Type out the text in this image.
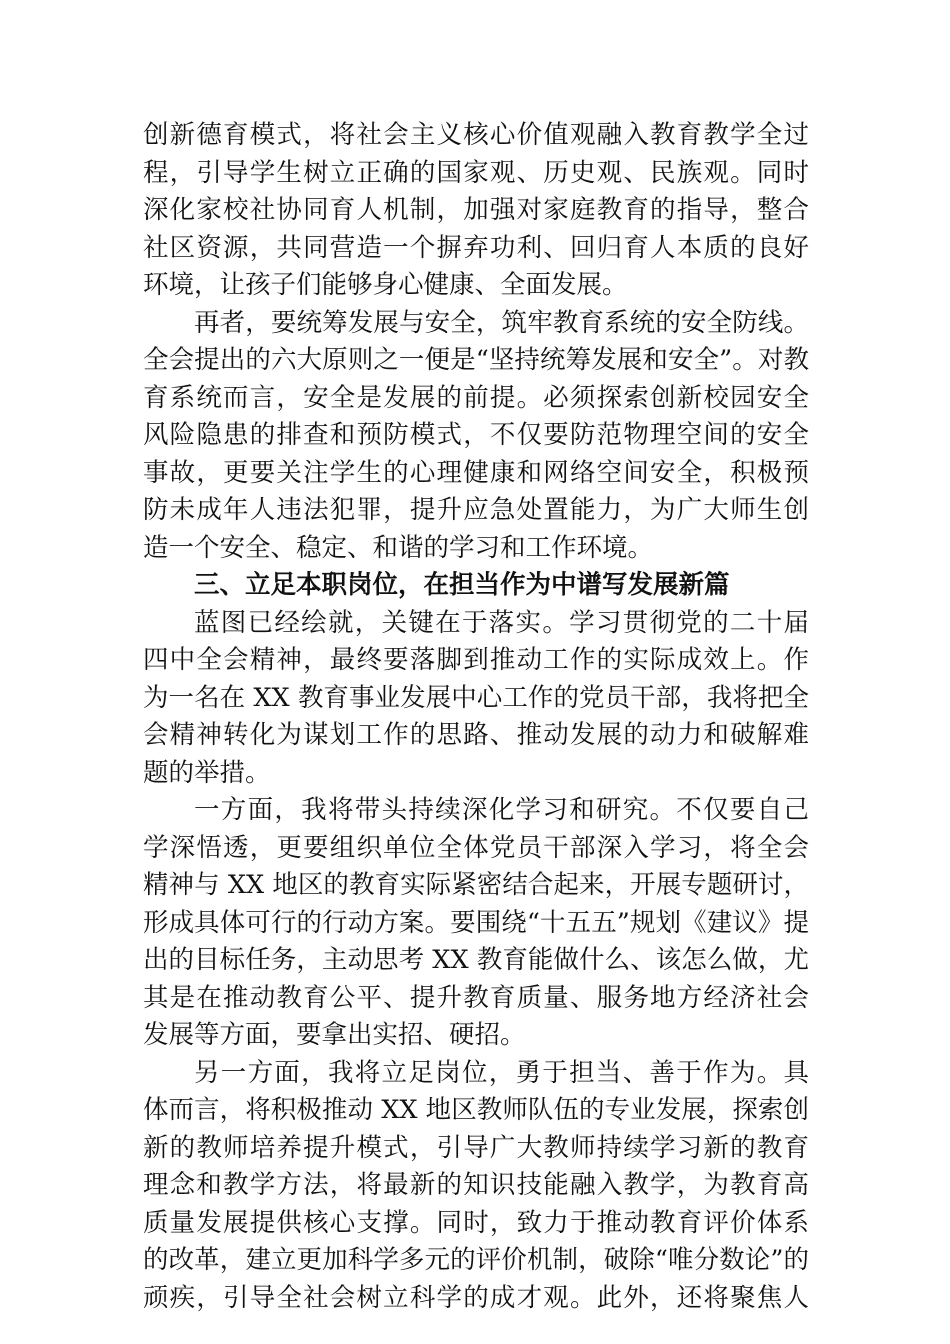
创新德育模式，将社会主义核心价值观融入教育教学全过
程，引导学生树立正确的国家观、历史观、民族观。同时
深化家校社协同育人机制，加强对家庭教育的指导，整合
社区资源，共同营造一个摒弃功利、回归育人本质的良好
环境，让孩子们能够身心健康、全面发展。

再者，要统筹发展与安全，筑牢教育系统的安全防线。
全会提出的六大原则之一便是“坚持统筹发展和安全”。对教
育系统而言，安全是发展的前提。必须探索创新校园安全
风险隐患的排查和预防模式，不仅要防范物理空间的安全
事故，更要关注学生的心理健康和网络空间安全，积极预
防未成年人违法犯罪，提升应急处置能力，为广大师生创
造一个安全、稳定、和谐的学习和工作环境。

三、立足本职岗位，在担当作为中谱写发展新篇

蓝图已经绘就，关键在于落实。学习贯彻党的二十届
四中全会精神，最终要落脚到推动工作的实际成效上。作
为一名在 XX 教育事业发展中心工作的党员干部，我将把全
会精神转化为谋划工作的思路、推动发展的动力和破解难
题的举措。

一方面，我将带头持续深化学习和研究。不仅要自己
学深悟透，更要组织单位全体党员干部深入学习，将全会
精神与 XX 地区的教育实际紧密结合起来，开展专题研讨，
形成具体可行的行动方案。要围绕“十五五”规划《建议》提
出的目标任务，主动思考 XX 教育能做什么、该怎么做，尤
其是在推动教育公平、提升教育质量、服务地方经济社会
发展等方面，要拿出实招、硬招。

另一方面，我将立足岗位，勇于担当、善于作为。具
体而言，将积极推动 XX 地区教师队伍的专业发展，探索创
新的教师培养提升模式，引导广大教师持续学习新的教育
理念和教学方法，将最新的知识技能融入教学，为教育高
质量发展提供核心支撑。同时，致力于推动教育评价体系
的改革，建立更加科学多元的评价机制，破除“唯分数论”的
顽疾，引导全社会树立科学的成才观。此外，还将聚焦人
